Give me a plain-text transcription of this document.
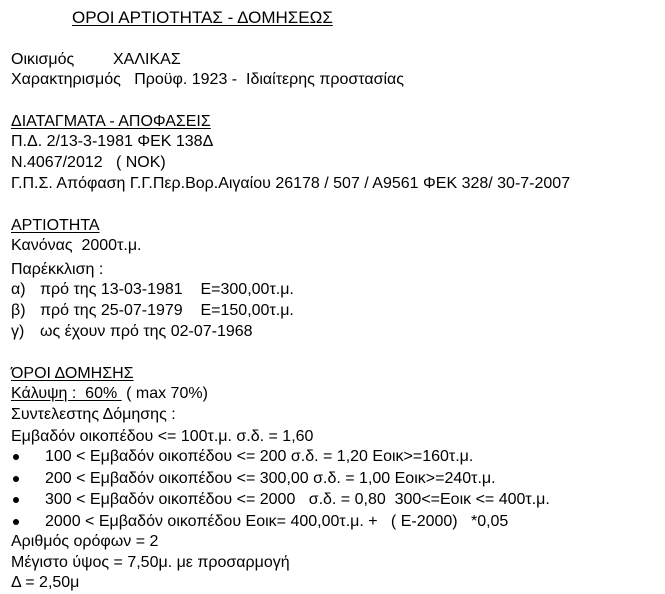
ΟΡΟΙ ΑΡΤΙΟΤΗΤΑΣ - ΔΟΜΗΣΕΩΣ
Οικισμός ΧΑΛΙΚΑΣ
Χαρακτηρισμός   Προϋφ. 1923 -  Ιδιαίτερης προστασίας
ΔΙΑΤΑΓΜΑΤΑ - ΑΠΟΦΑΣΕΙΣ
Π.Δ. 2/13-3-1981 ΦΕΚ 138Δ
Ν.4067/2012   ( ΝΟΚ)
Γ.Π.Σ. Απόφαση Γ.Γ.Περ.Βορ.Αιγαίου 26178 / 507 / Α9561 ΦΕΚ 328/ 30-7-2007
ΑΡΤΙΟΤΗΤΑ
Κανόνας  2000τ.μ.
Παρέκκλιση :
α) πρό της 13-03-1981    Ε=300,00τ.μ.
β) πρό της 25-07-1979    Ε=150,00τ.μ.
γ) ως έχουν πρό της 02-07-1968
ΌΡΟΙ ΔΟΜΗΣΗΣ
Κάλυψη :  60%  ( max 70%)
Συντελεστης Δόμησης :
Εμβαδόν οικοπέδου <= 100τ.μ. σ.δ. = 1,60
100 < Εμβαδόν οικοπέδου <= 200 σ.δ. = 1,20 Εοικ>=160τ.μ.
200 < Εμβαδόν οικοπέδου <= 300,00 σ.δ. = 1,00 Εοικ>=240τ.μ.
300 < Εμβαδόν οικοπέδου <= 2000   σ.δ. = 0,80  300<=Εοικ <= 400τ.μ.
2000 < Εμβαδόν οικοπέδου Εοικ= 400,00τ.μ. +   ( Ε-2000)   *0,05
Αριθμός ορόφων = 2
Μέγιστο ύψος = 7,50μ. με προσαρμογή
Δ = 2,50μ
